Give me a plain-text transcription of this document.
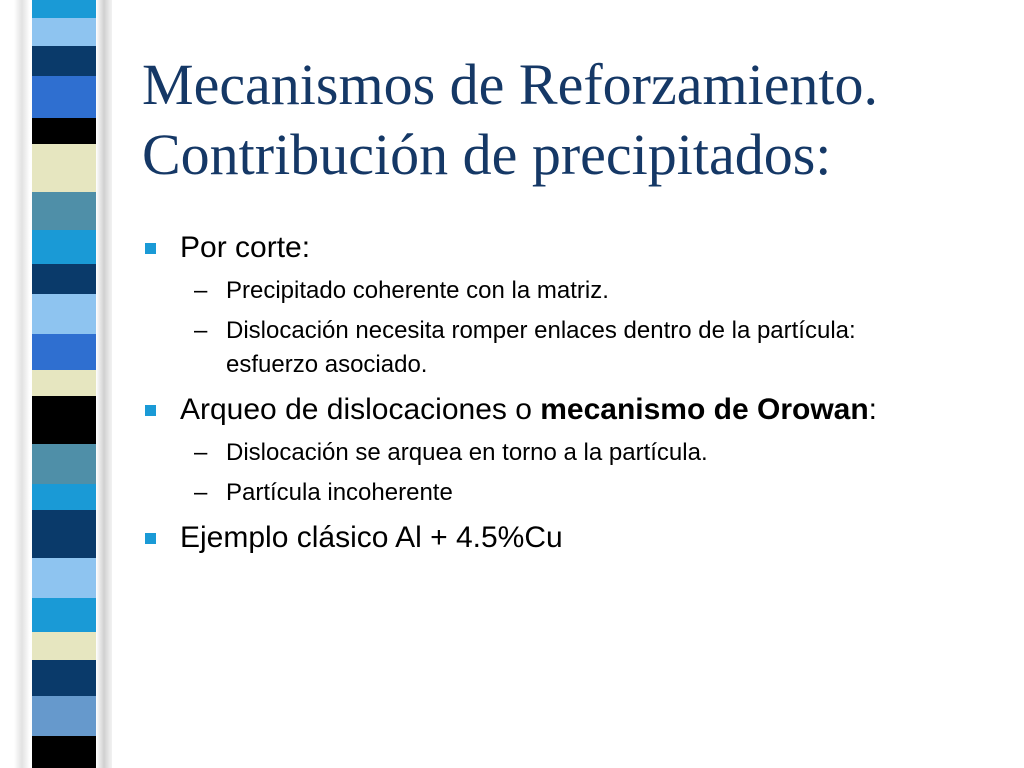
Mecanismos de Reforzamiento.
Contribución de precipitados:
Por corte:
– Precipitado coherente con la matriz.
– Dislocación necesita romper enlaces dentro de la partícula:
esfuerzo asociado.
Arqueo de dislocaciones o mecanismo de Orowan:
– Dislocación se arquea en torno a la partícula.
– Partícula incoherente
Ejemplo clásico Al + 4.5%Cu
